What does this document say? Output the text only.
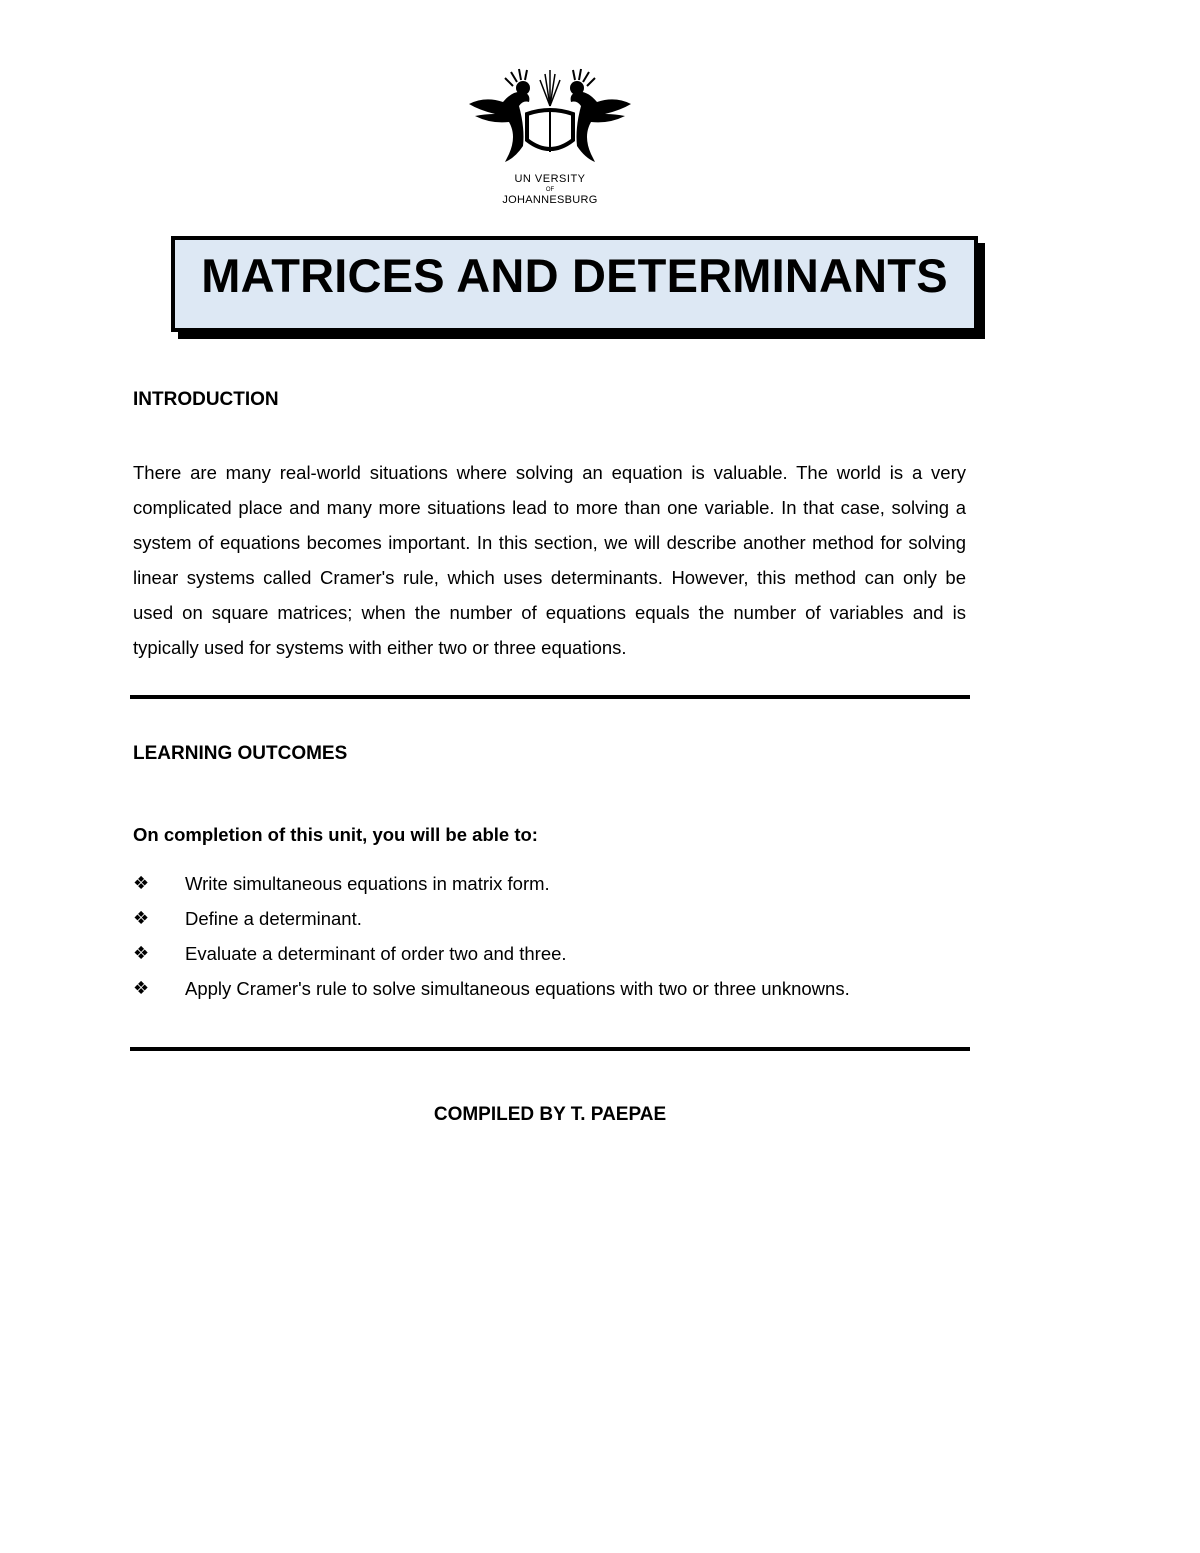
UN VERSITY
OF
JOHANNESBURG
MATRICES AND DETERMINANTS
INTRODUCTION
There are many real-world situations where solving an equation is valuable. The world is a very complicated place and many more situations lead to more than one variable. In that case, solving a system of equations becomes important. In this section, we will describe another method for solving linear systems called Cramer's rule, which uses determinants. However, this method can only be used on square matrices; when the number of equations equals the number of variables and is typically used for systems with either two or three equations.
LEARNING OUTCOMES
On completion of this unit, you will be able to:
❖ Write simultaneous equations in matrix form.
❖ Define a determinant.
❖ Evaluate a determinant of order two and three.
❖ Apply Cramer's rule to solve simultaneous equations with two or three unknowns.
COMPILED BY T. PAEPAE
